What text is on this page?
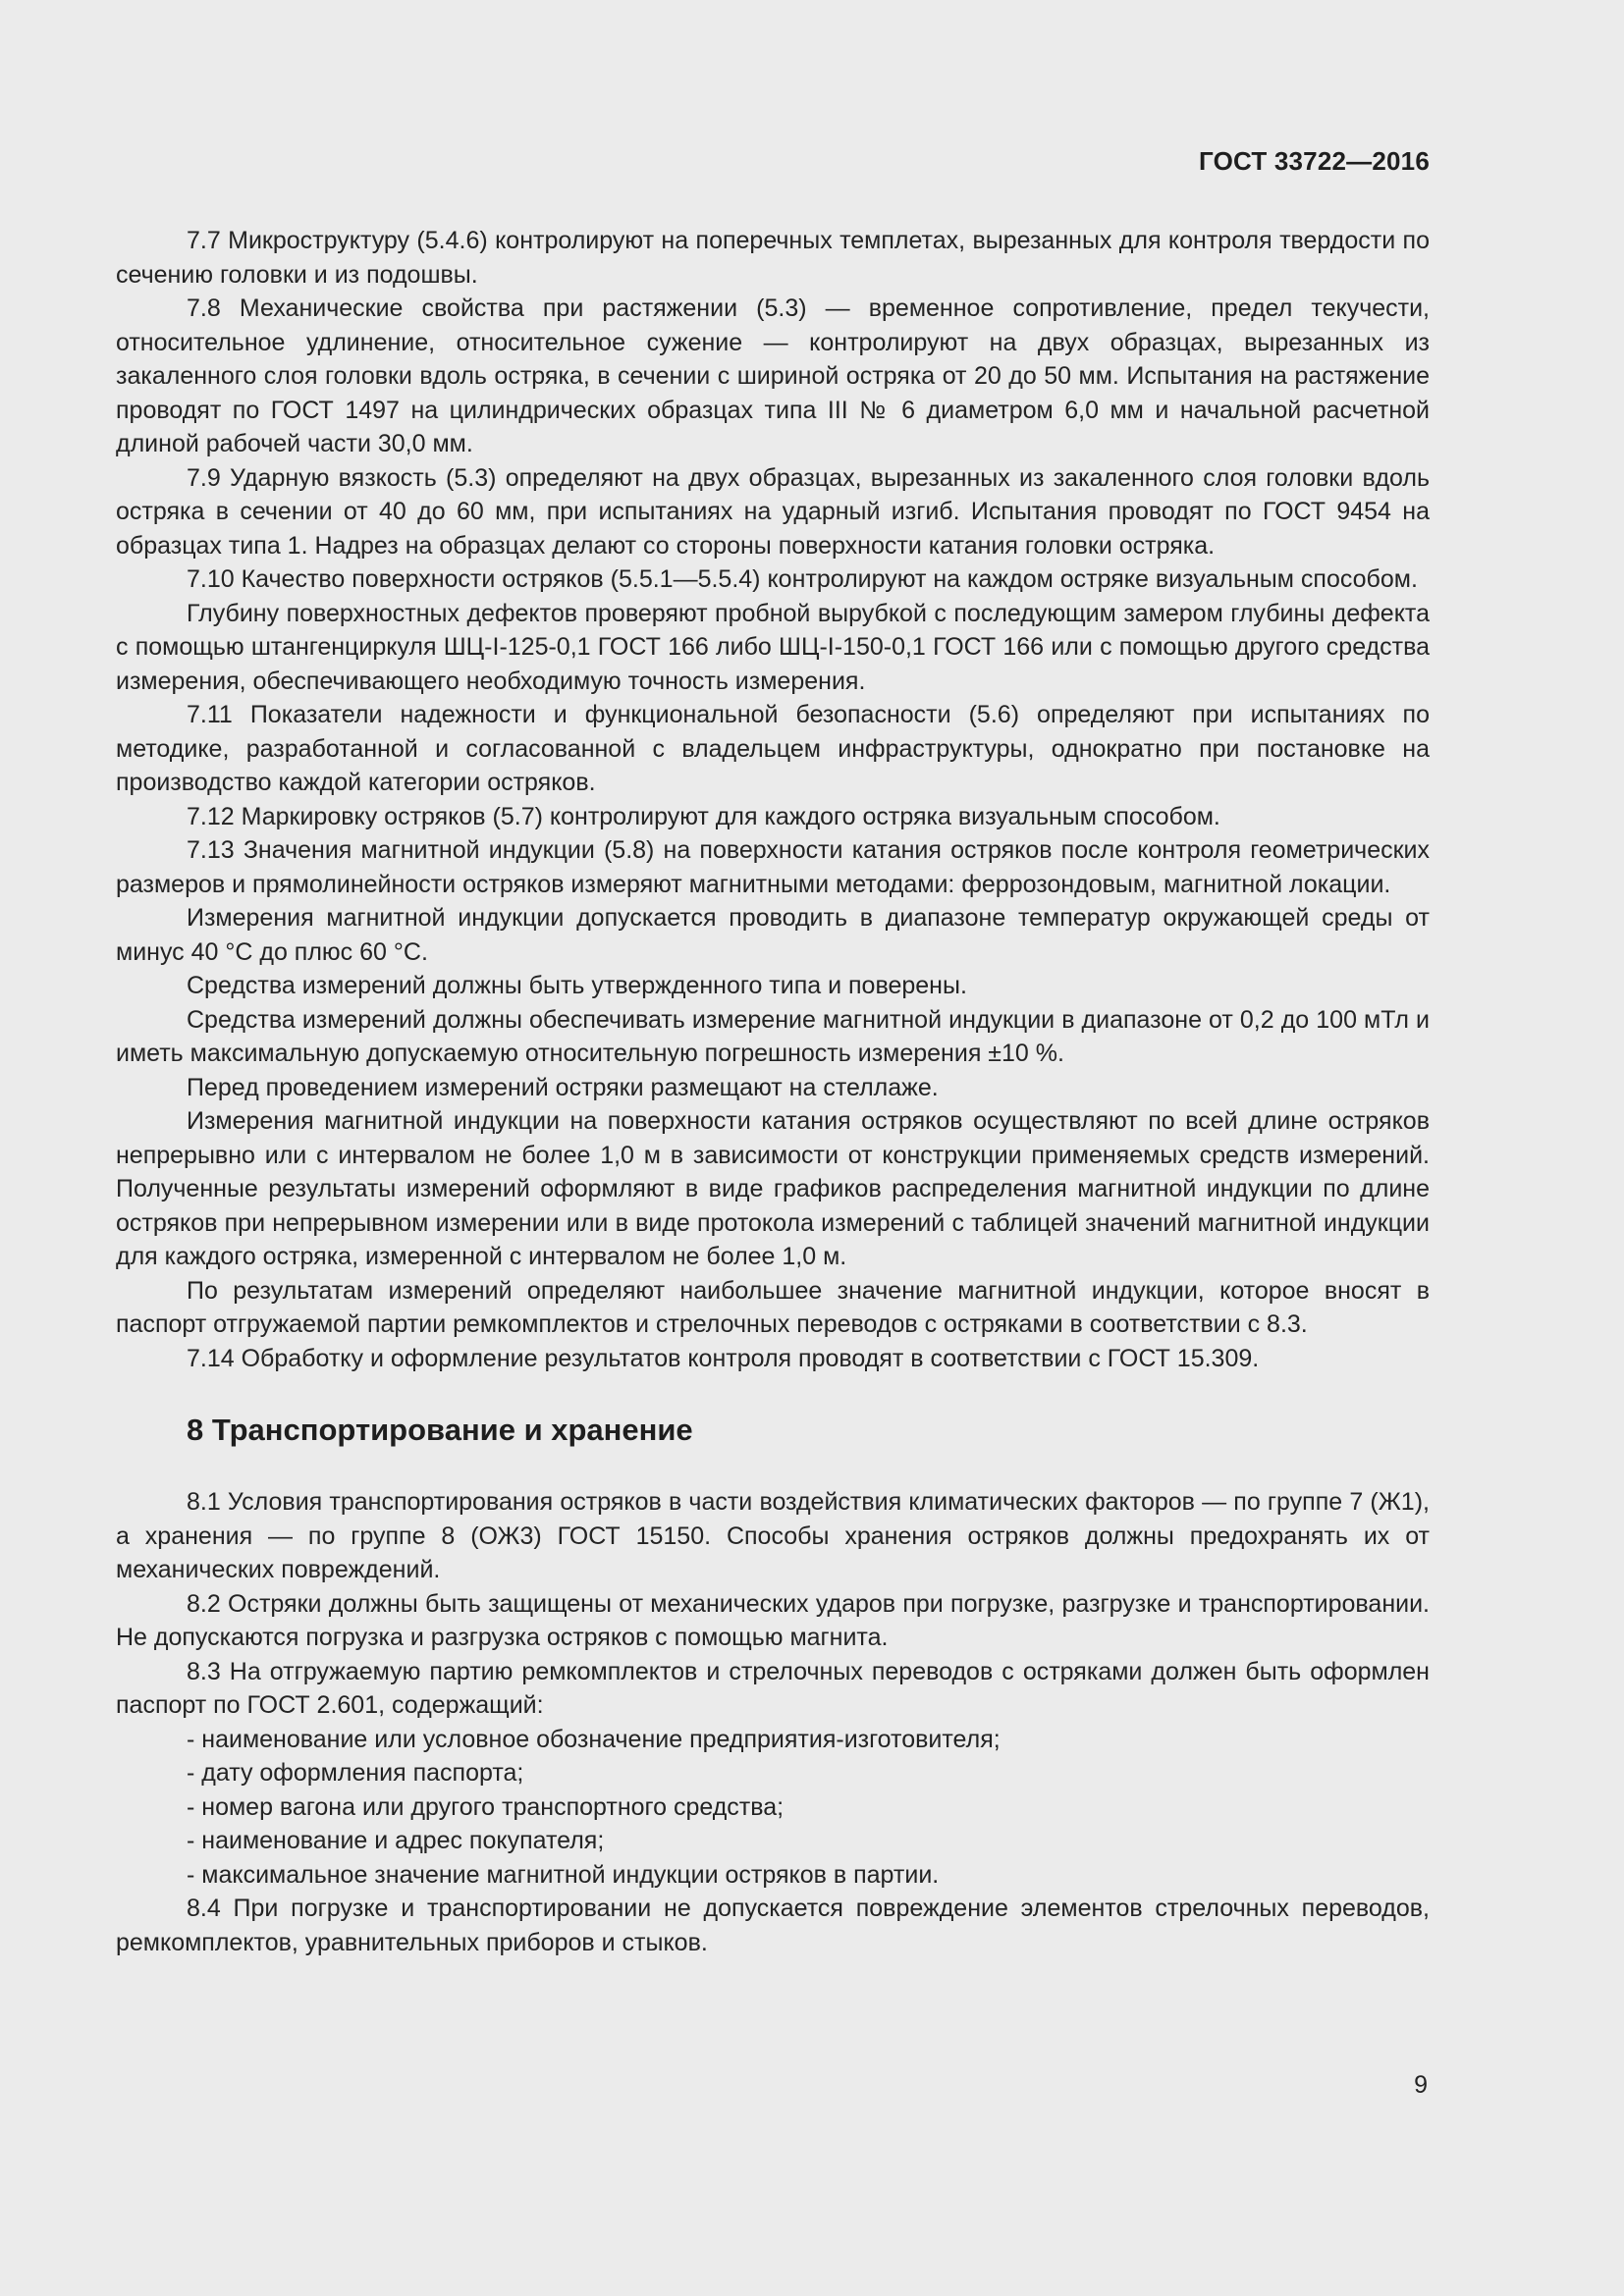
ГОСТ 33722—2016

7.7 Микроструктуру (5.4.6) контролируют на поперечных темплетах, вырезанных для контроля твердости по сечению головки и из подошвы.

7.8 Механические свойства при растяжении (5.3) — временное сопротивление, предел текучести, относительное удлинение, относительное сужение — контролируют на двух образцах, вырезанных из закаленного слоя головки вдоль остряка, в сечении с шириной остряка от 20 до 50 мм. Испытания на растяжение проводят по ГОСТ 1497 на цилиндрических образцах типа III № 6 диаметром 6,0 мм и начальной расчетной длиной рабочей части 30,0 мм.

7.9 Ударную вязкость (5.3) определяют на двух образцах, вырезанных из закаленного слоя головки вдоль остряка в сечении от 40 до 60 мм, при испытаниях на ударный изгиб. Испытания проводят по ГОСТ 9454 на образцах типа 1. Надрез на образцах делают со стороны поверхности катания головки остряка.

7.10 Качество поверхности остряков (5.5.1—5.5.4) контролируют на каждом остряке визуальным способом.

Глубину поверхностных дефектов проверяют пробной вырубкой с последующим замером глубины дефекта с помощью штангенциркуля ШЦ-I-125-0,1 ГОСТ 166 либо ШЦ-I-150-0,1 ГОСТ 166 или с помощью другого средства измерения, обеспечивающего необходимую точность измерения.

7.11 Показатели надежности и функциональной безопасности (5.6) определяют при испытаниях по методике, разработанной и согласованной с владельцем инфраструктуры, однократно при постановке на производство каждой категории остряков.

7.12 Маркировку остряков (5.7) контролируют для каждого остряка визуальным способом.

7.13 Значения магнитной индукции (5.8) на поверхности катания остряков после контроля геометрических размеров и прямолинейности остряков измеряют магнитными методами: феррозондовым, магнитной локации.

Измерения магнитной индукции допускается проводить в диапазоне температур окружающей среды от минус 40 °С до плюс 60 °С.

Средства измерений должны быть утвержденного типа и поверены.

Средства измерений должны обеспечивать измерение магнитной индукции в диапазоне от 0,2 до 100 мТл и иметь максимальную допускаемую относительную погрешность измерения ±10 %.

Перед проведением измерений остряки размещают на стеллаже.

Измерения магнитной индукции на поверхности катания остряков осуществляют по всей длине остряков непрерывно или с интервалом не более 1,0 м в зависимости от конструкции применяемых средств измерений. Полученные результаты измерений оформляют в виде графиков распределения магнитной индукции по длине остряков при непрерывном измерении или в виде протокола измерений с таблицей значений магнитной индукции для каждого остряка, измеренной с интервалом не более 1,0 м.

По результатам измерений определяют наибольшее значение магнитной индукции, которое вносят в паспорт отгружаемой партии ремкомплектов и стрелочных переводов с остряками в соответствии с 8.3.

7.14 Обработку и оформление результатов контроля проводят в соответствии с ГОСТ 15.309.

8 Транспортирование и хранение

8.1 Условия транспортирования остряков в части воздействия климатических факторов — по группе 7 (Ж1), а хранения — по группе 8 (ОЖ3) ГОСТ 15150. Способы хранения остряков должны предохранять их от механических повреждений.

8.2 Остряки должны быть защищены от механических ударов при погрузке, разгрузке и транспортировании. Не допускаются погрузка и разгрузка остряков с помощью магнита.

8.3 На отгружаемую партию ремкомплектов и стрелочных переводов с остряками должен быть оформлен паспорт по ГОСТ 2.601, содержащий:

- наименование или условное обозначение предприятия-изготовителя;

- дату оформления паспорта;

- номер вагона или другого транспортного средства;

- наименование и адрес покупателя;

- максимальное значение магнитной индукции остряков в партии.

8.4 При погрузке и транспортировании не допускается повреждение элементов стрелочных переводов, ремкомплектов, уравнительных приборов и стыков.

9
